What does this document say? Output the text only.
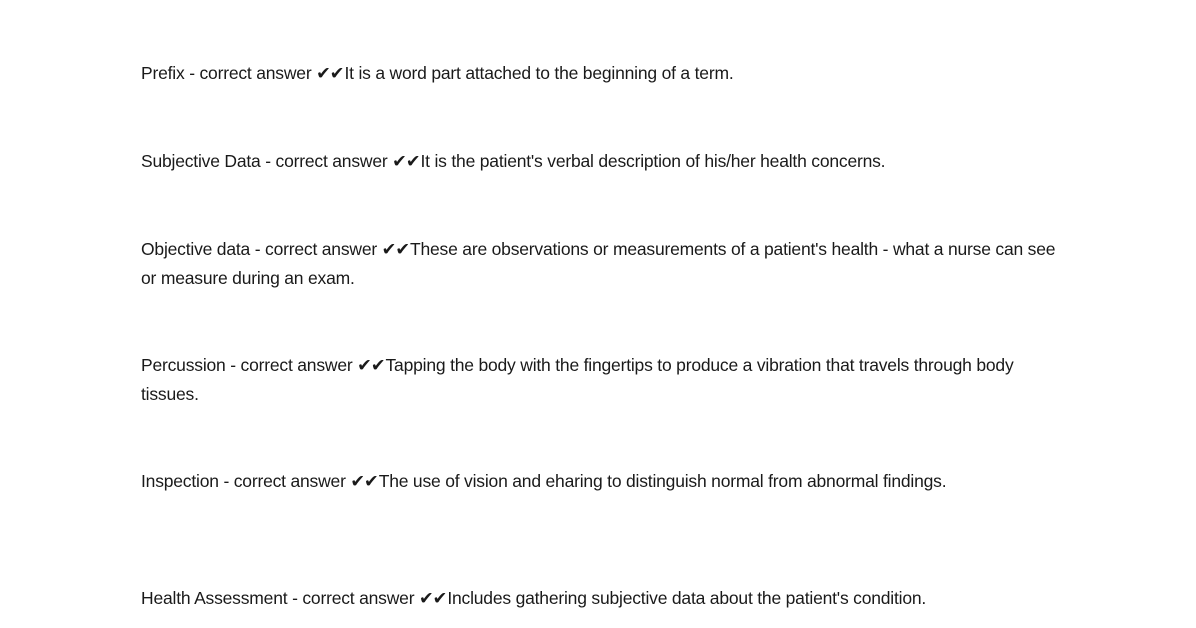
Prefix - correct answer ✔✔It is a word part attached to the beginning of a term.

Subjective Data - correct answer ✔✔It is the patient's verbal description of his/her health concerns.

Objective data - correct answer ✔✔These are observations or measurements of a patient's health - what a nurse can see or measure during an exam.

Percussion - correct answer ✔✔Tapping the body with the fingertips to produce a vibration that travels through body tissues.

Inspection - correct answer ✔✔The use of vision and eharing to distinguish normal from abnormal findings.

Health Assessment - correct answer ✔✔Includes gathering subjective data about the patient's condition.
